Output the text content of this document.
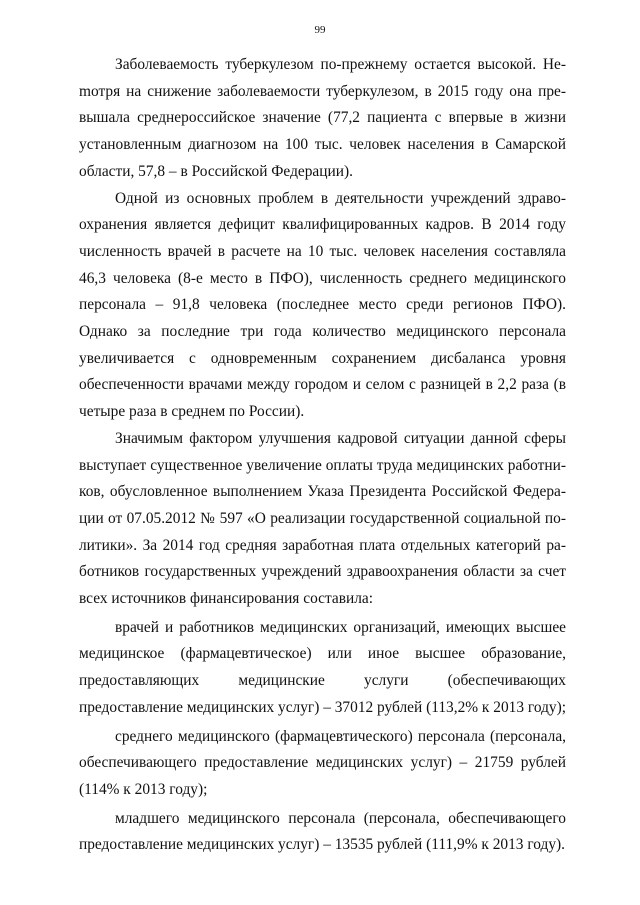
99

Заболеваемость туберкулезом по-прежнему остается высокой. Неmотря на снижение заболеваемости туберкулезом, в 2015 году она превышала среднероссийское значение (77,2 пациента с впервые в жизни установленным диагнозом на 100 тыс. человек населения в Самарской области, 57,8 – в Российской Федерации).

Одной из основных проблем в деятельности учреждений здравоохранения является дефицит квалифицированных кадров. В 2014 году численность врачей в расчете на 10 тыс. человек населения составляла 46,3 человека (8-е место в ПФО), численность среднего медицинского персонала – 91,8 человека (последнее место среди регионов ПФО). Однако за последние три года количество медицинского персонала увеличивается с одновременным сохранением дисбаланса уровня обеспеченности врачами между городом и селом с разницей в 2,2 раза (в четыре раза в среднем по России).

Значимым фактором улучшения кадровой ситуации данной сферы выступает существенное увеличение оплаты труда медицинских работников, обусловленное выполнением Указа Президента Российской Федерации от 07.05.2012 № 597 «О реализации государственной социальной политики». За 2014 год средняя заработная плата отдельных категорий работников государственных учреждений здравоохранения области за счет всех источников финансирования составила:

врачей и работников медицинских организаций, имеющих высшее медицинское (фармацевтическое) или иное высшее образование, предоставляющих медицинские услуги (обеспечивающих предоставление медицинских услуг) – 37012 рублей (113,2% к 2013 году);

среднего медицинского (фармацевтического) персонала (персонала, обеспечивающего предоставление медицинских услуг) – 21759 рублей (114% к 2013 году);

младшего медицинского персонала (персонала, обеспечивающего предоставление медицинских услуг) – 13535 рублей (111,9% к 2013 году).
